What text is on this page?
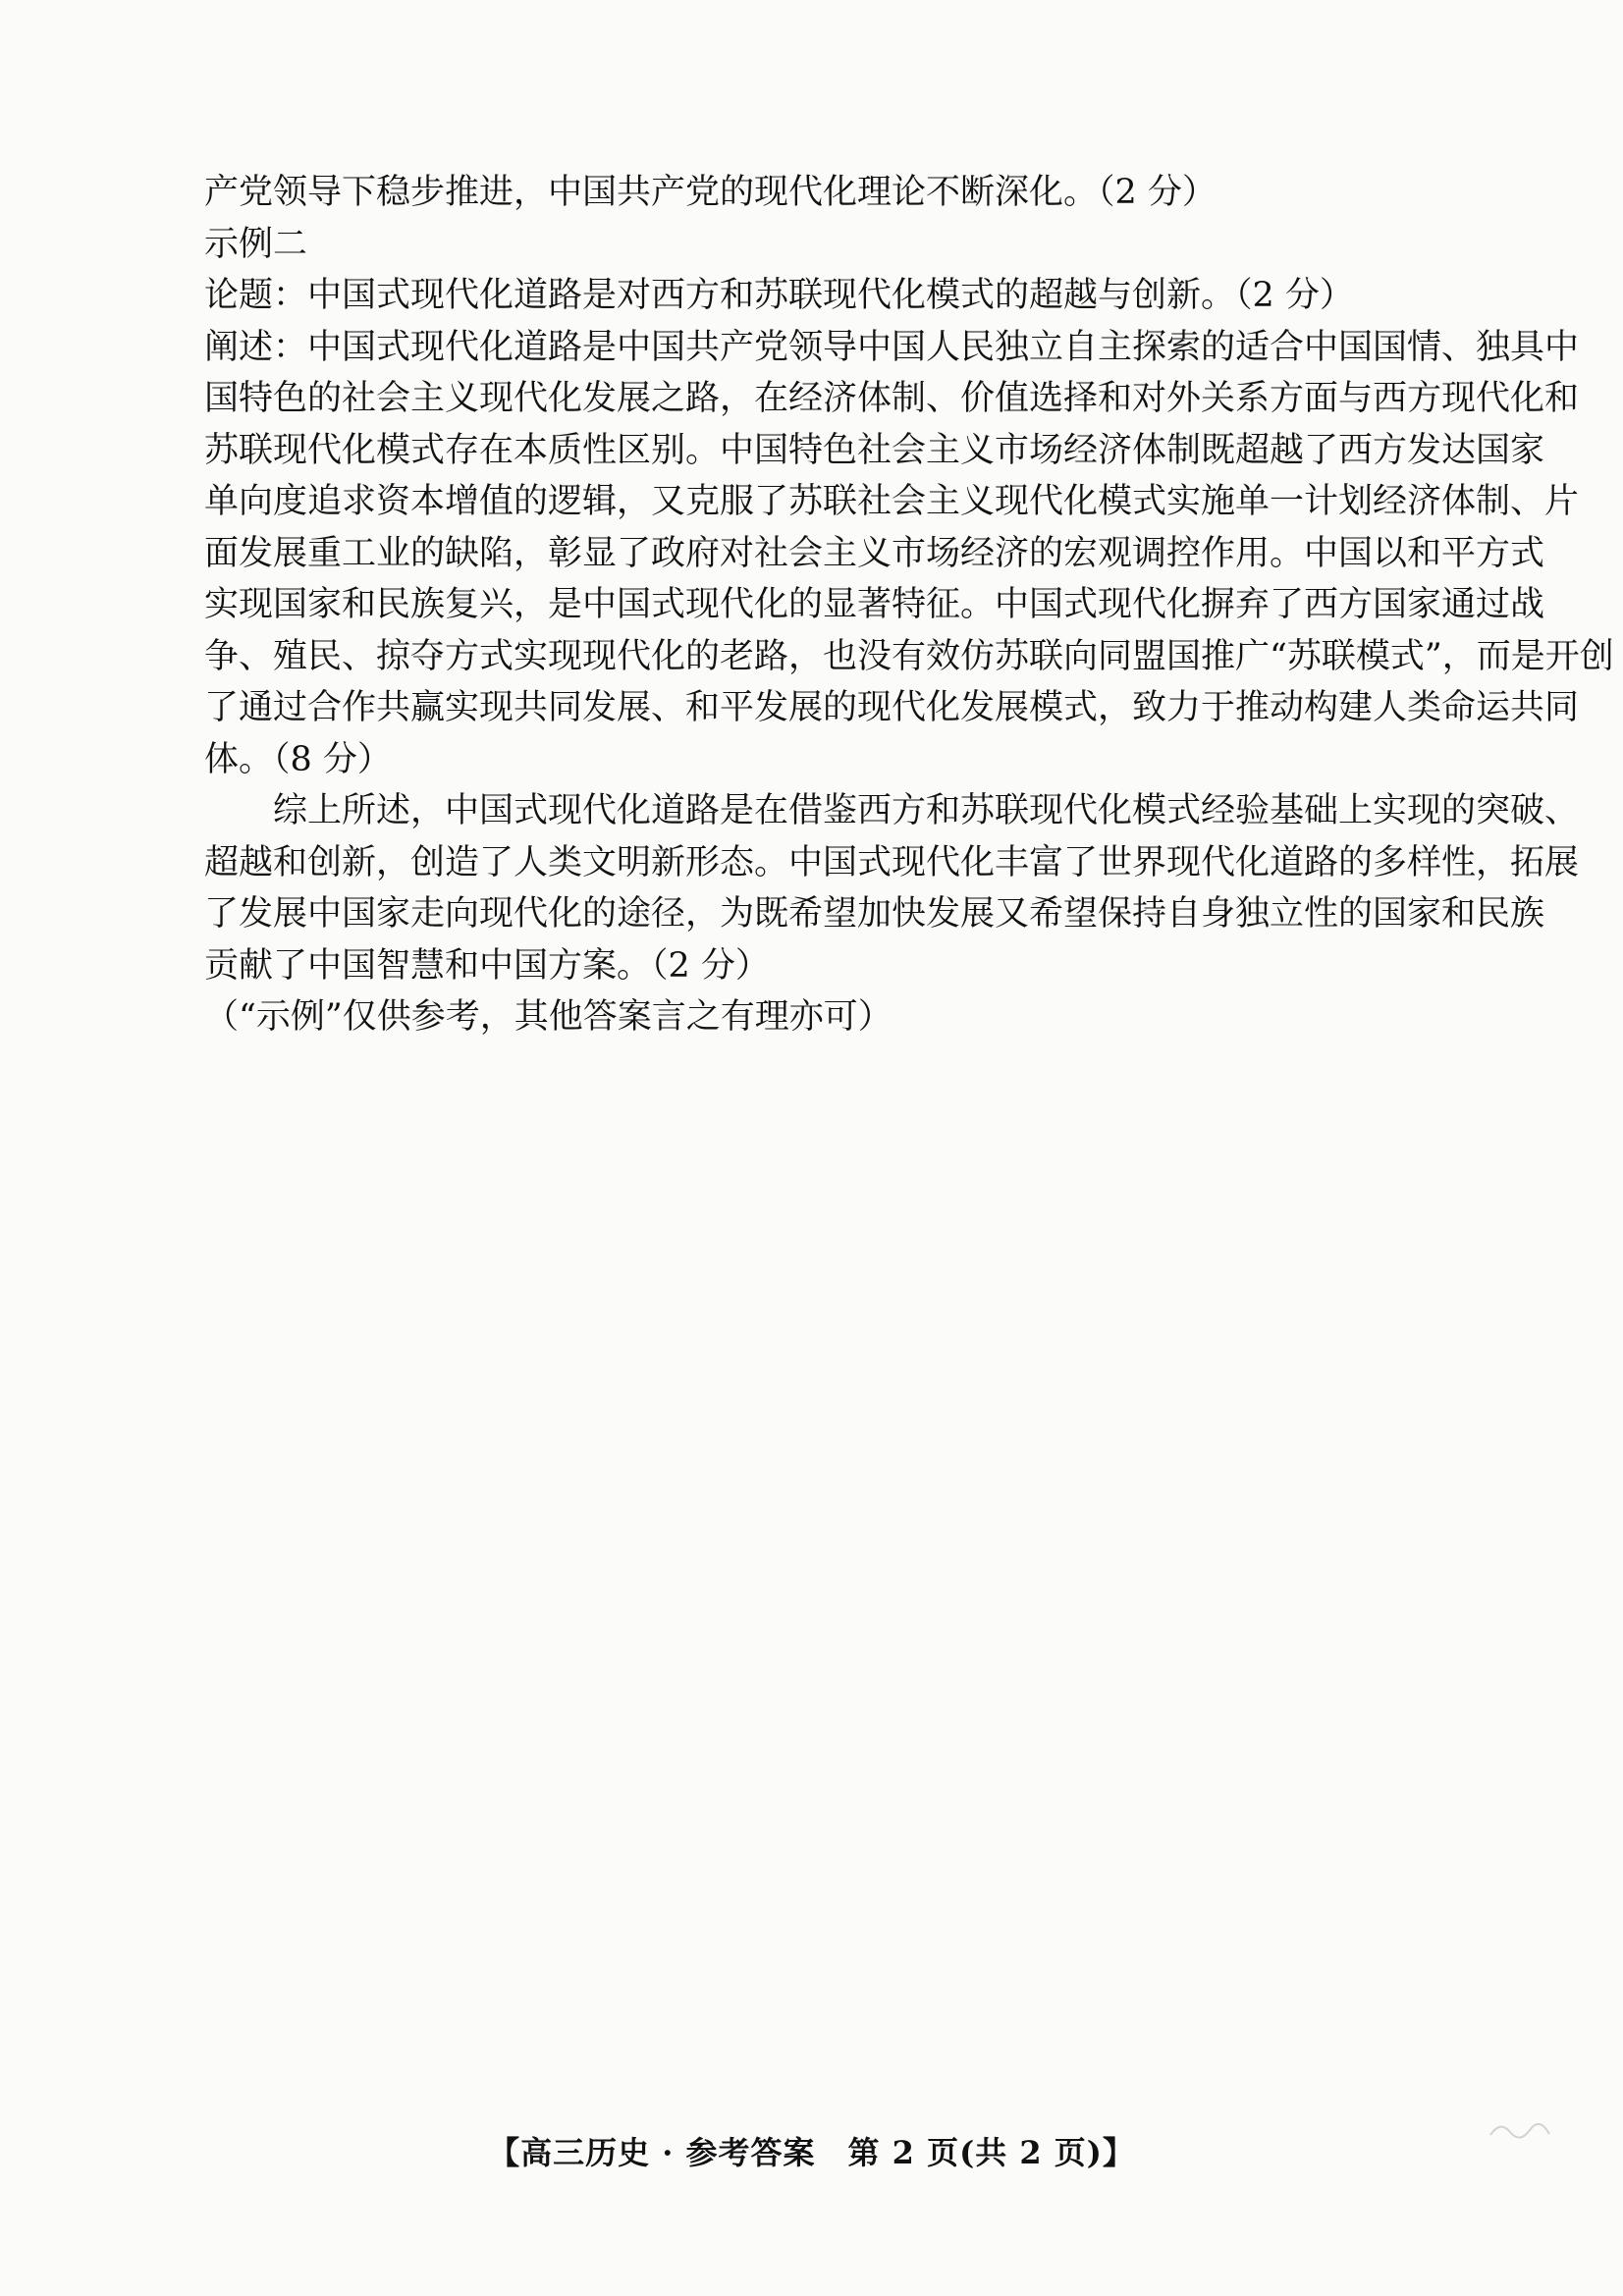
产党领导下稳步推进，中国共产党的现代化理论不断深化。（2 分）
示例二
论题：中国式现代化道路是对西方和苏联现代化模式的超越与创新。（2 分）
阐述：中国式现代化道路是中国共产党领导中国人民独立自主探索的适合中国国情、独具中
国特色的社会主义现代化发展之路，在经济体制、价值选择和对外关系方面与西方现代化和
苏联现代化模式存在本质性区别。中国特色社会主义市场经济体制既超越了西方发达国家
单向度追求资本增值的逻辑，又克服了苏联社会主义现代化模式实施单一计划经济体制、片
面发展重工业的缺陷，彰显了政府对社会主义市场经济的宏观调控作用。中国以和平方式
实现国家和民族复兴，是中国式现代化的显著特征。中国式现代化摒弃了西方国家通过战
争、殖民、掠夺方式实现现代化的老路，也没有效仿苏联向同盟国推广“苏联模式”，而是开创
了通过合作共赢实现共同发展、和平发展的现代化发展模式，致力于推动构建人类命运共同
体。（8 分）
综上所述，中国式现代化道路是在借鉴西方和苏联现代化模式经验基础上实现的突破、
超越和创新，创造了人类文明新形态。中国式现代化丰富了世界现代化道路的多样性，拓展
了发展中国家走向现代化的途径，为既希望加快发展又希望保持自身独立性的国家和民族
贡献了中国智慧和中国方案。（2 分）
（“示例”仅供参考，其他答案言之有理亦可）
【高三历史 · 参考答案　第 2 页(共 2 页)】
